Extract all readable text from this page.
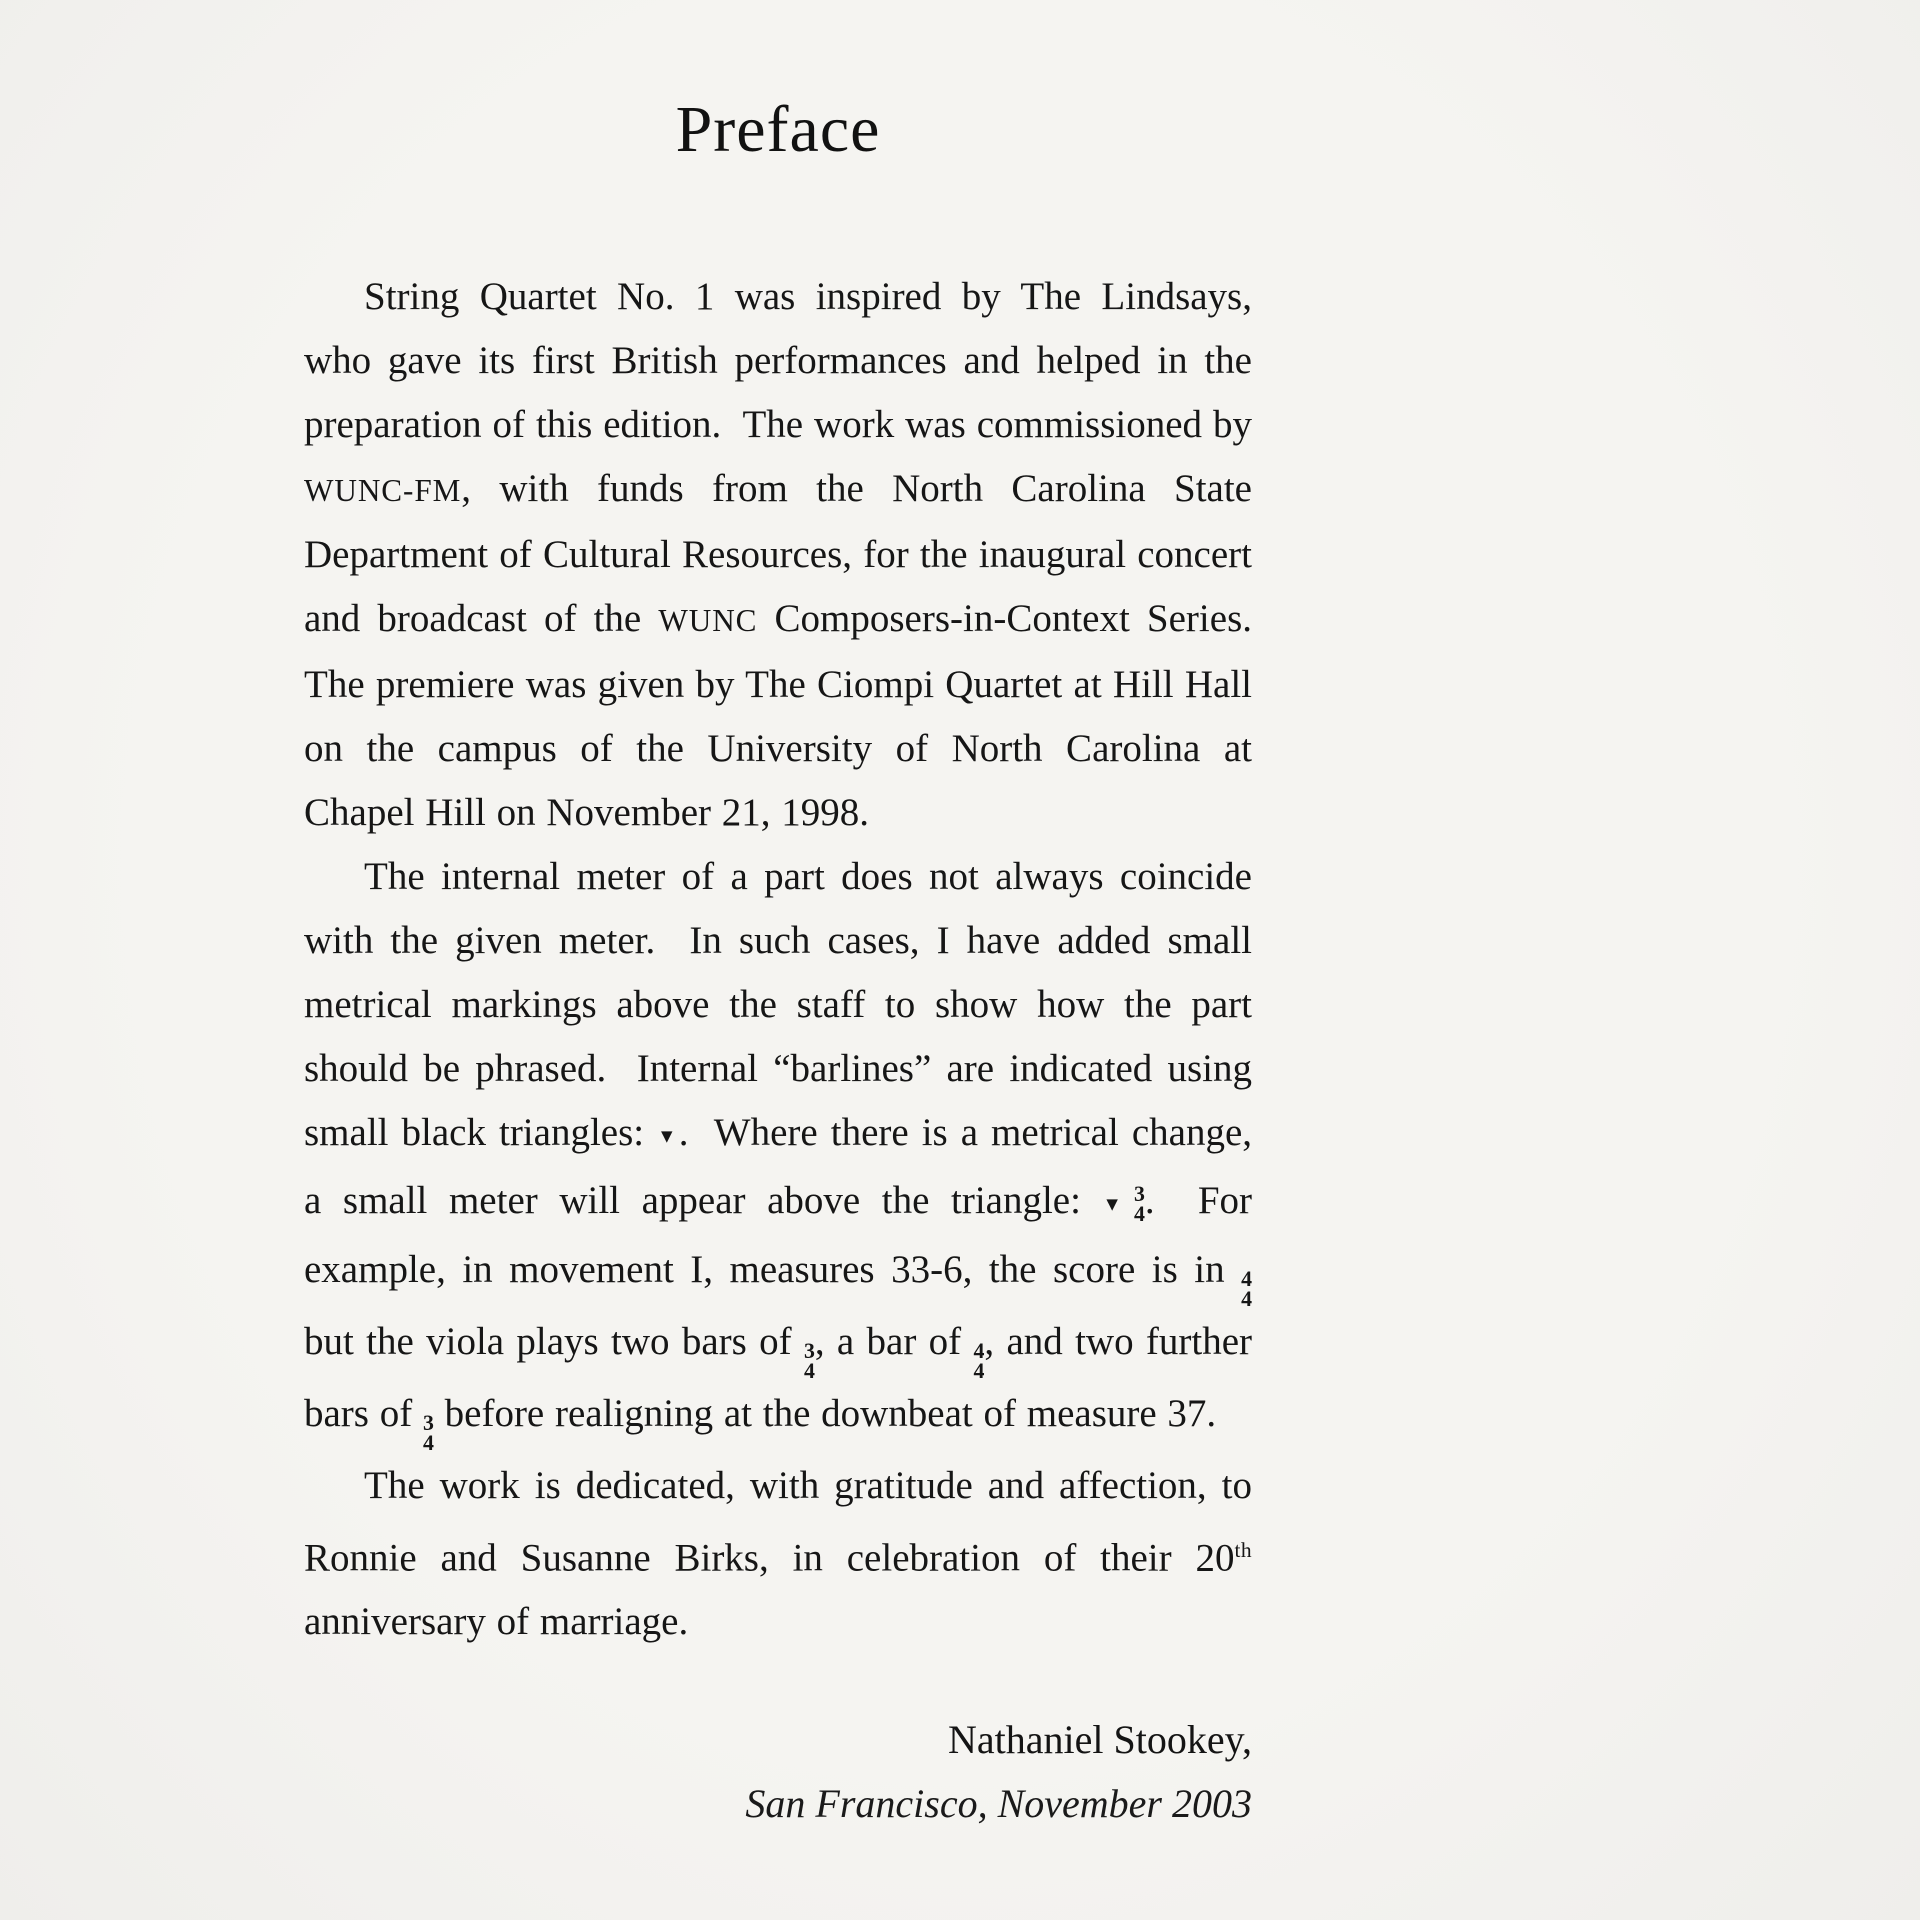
Preface

String Quartet No. 1 was inspired by The Lindsays, who gave its first British performances and helped in the preparation of this edition.  The work was commissioned by WUNC-FM, with funds from the North Carolina State Department of Cultural Resources, for the inaugural concert and broadcast of the WUNC Composers-in-Context Series.  The premiere was given by The Ciompi Quartet at Hill Hall on the campus of the University of North Carolina at Chapel Hill on November 21, 1998.

The internal meter of a part does not always coincide with the given meter.  In such cases, I have added small metrical markings above the staff to show how the part should be phrased.  Internal “barlines” are indicated using small black triangles: ▼.  Where there is a metrical change, a small meter will appear above the triangle: ▼ 3
4 .  For example, in movement I, measures 33-6, the score is in 4
4
but the viola plays two bars of 3
4
, a bar of 4
4
, and two further bars of 3
4
before realigning at the downbeat of measure 37.

The work is dedicated, with gratitude and affection, to Ronnie and Susanne Birks, in celebration of their 20th anniversary of marriage.

Nathaniel Stookey,
San Francisco, November 2003
